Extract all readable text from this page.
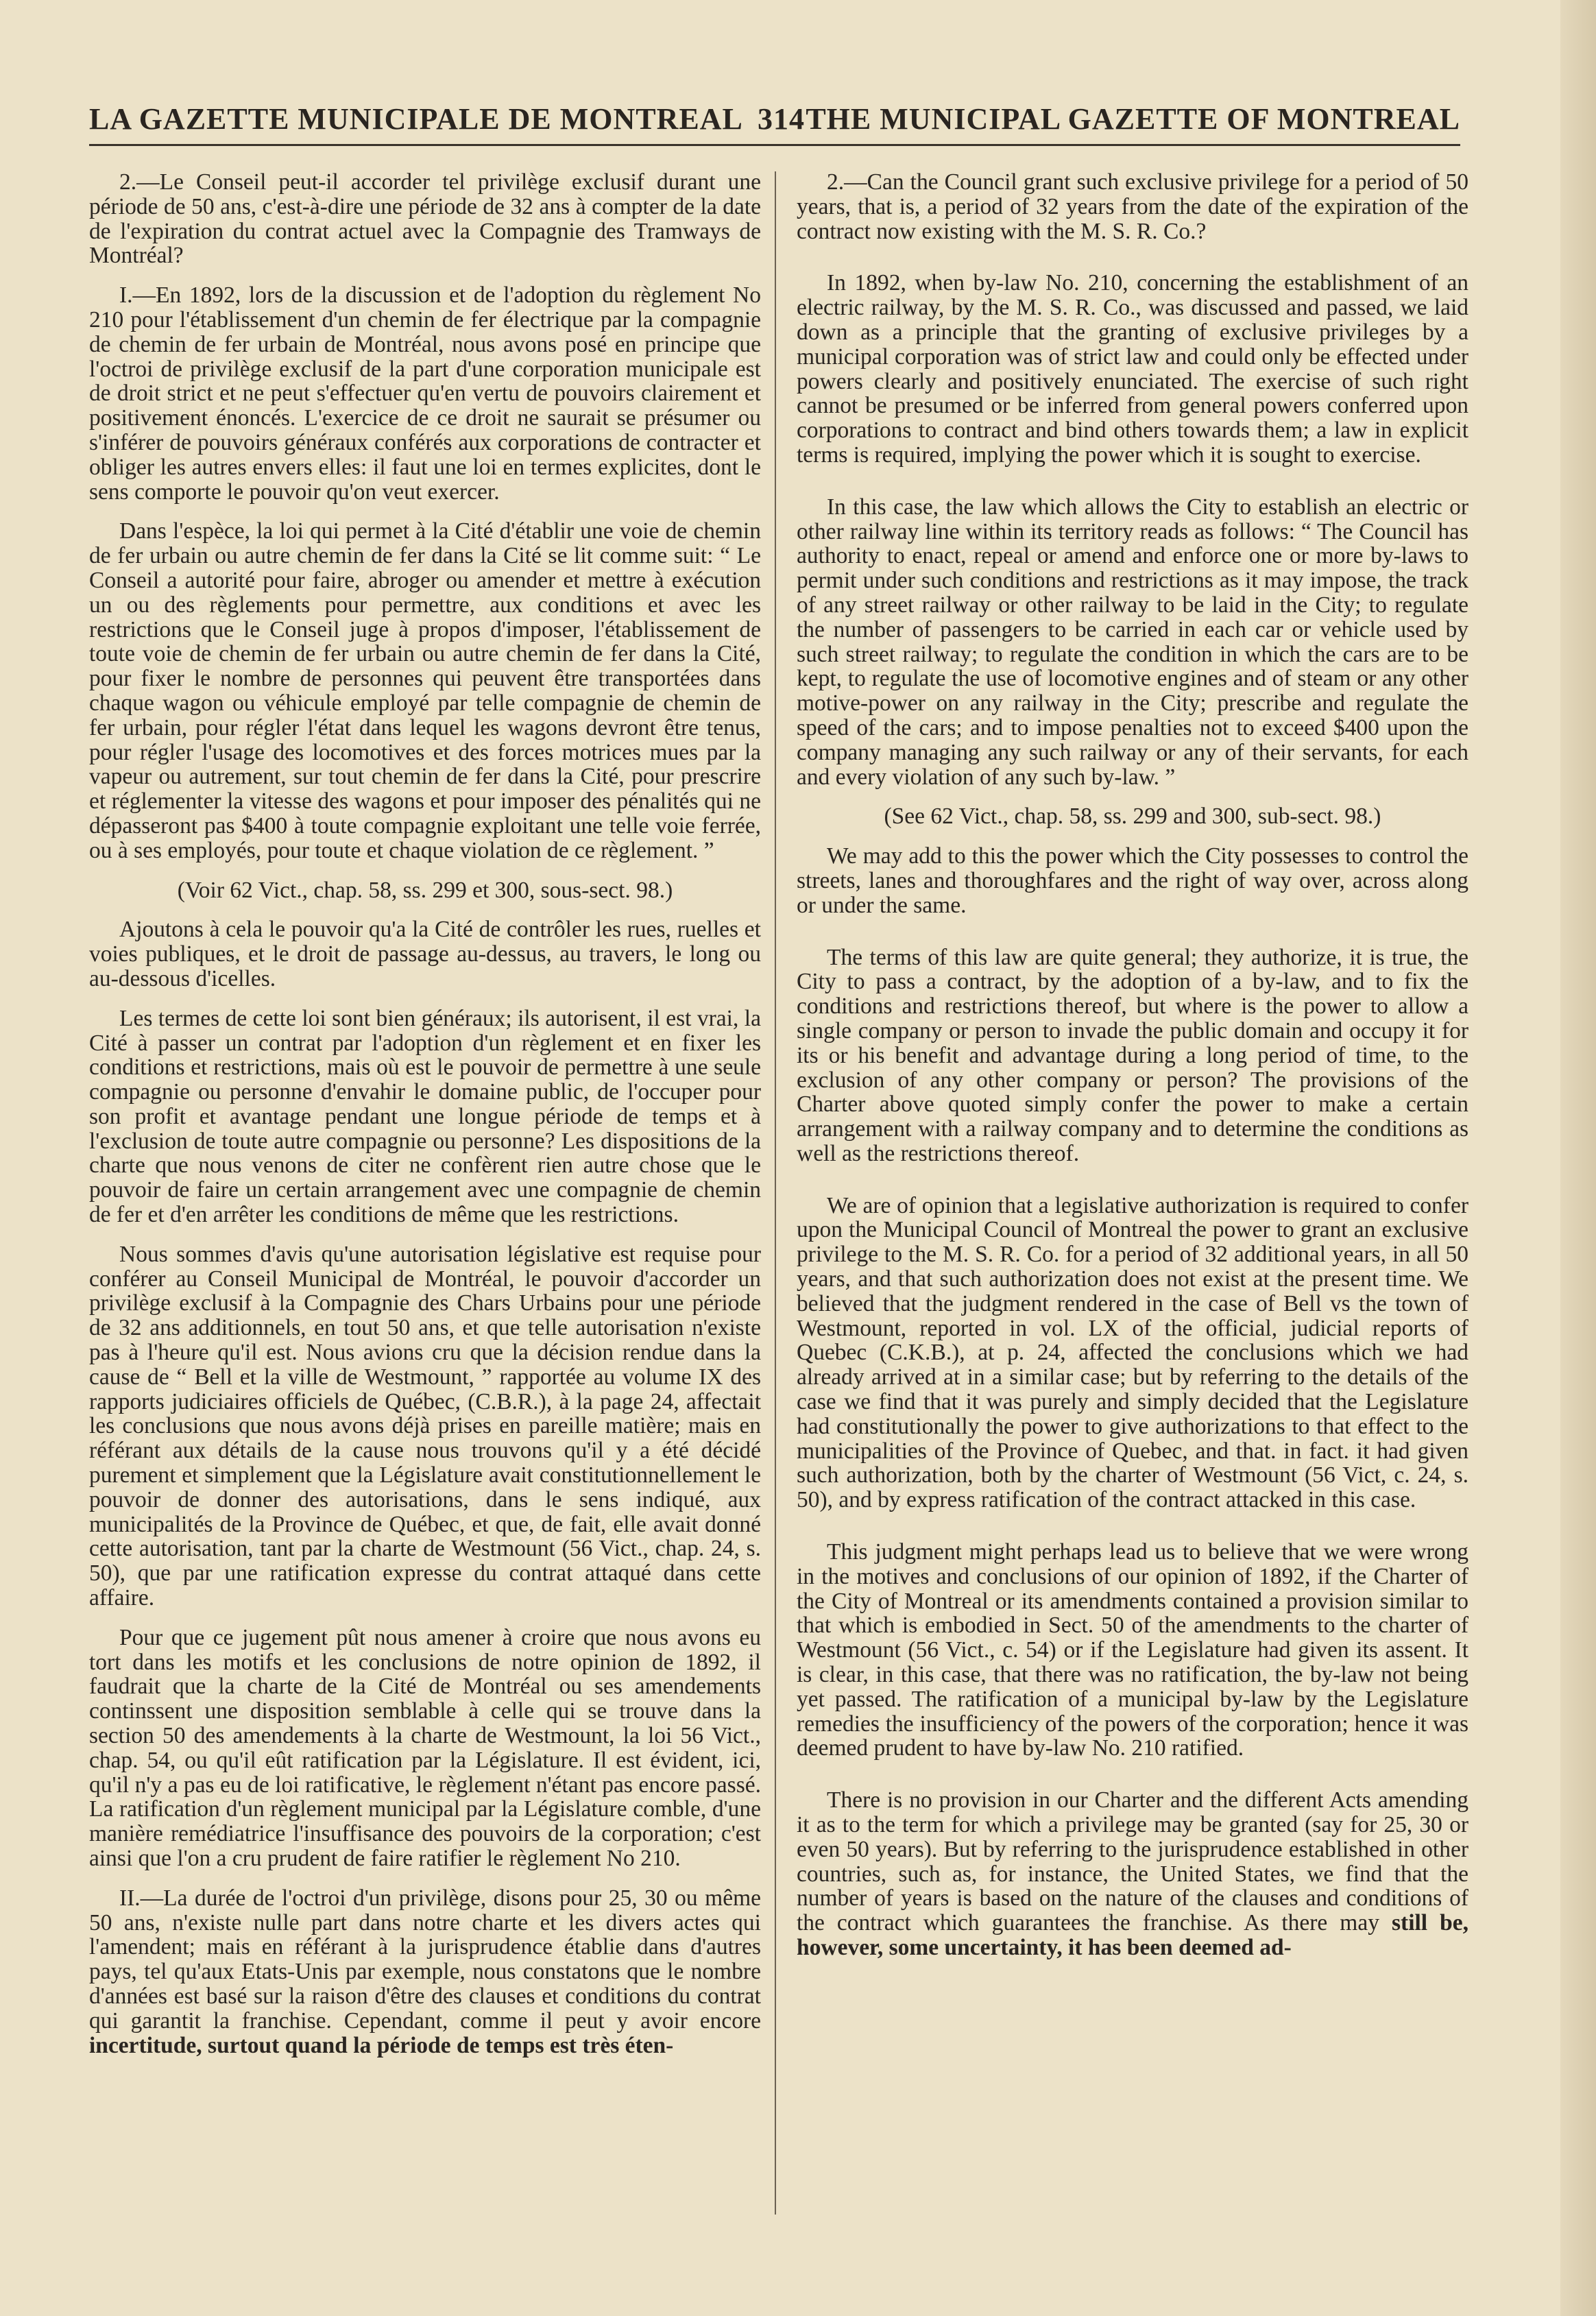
LA GAZETTE MUNICIPALE DE MONTREAL 314 THE MUNICIPAL GAZETTE OF MONTREAL

2.—Le Conseil peut-il accorder tel privilège exclusif durant une période de 50 ans, c'est-à-dire une période de 32 ans à compter de la date de l'expiration du contrat actuel avec la Compagnie des Tramways de Montréal?

I.—En 1892, lors de la discussion et de l'adoption du règlement No 210 pour l'établissement d'un chemin de fer électrique par la compagnie de chemin de fer urbain de Montréal, nous avons posé en principe que l'octroi de privilège exclusif de la part d'une corporation municipale est de droit strict et ne peut s'effectuer qu'en vertu de pouvoirs clairement et positivement énoncés. L'exercice de ce droit ne saurait se présumer ou s'inférer de pouvoirs généraux conférés aux corporations de contracter et obliger les autres envers elles: il faut une loi en termes explicites, dont le sens comporte le pouvoir qu'on veut exercer.

Dans l'espèce, la loi qui permet à la Cité d'établir une voie de chemin de fer urbain ou autre chemin de fer dans la Cité se lit comme suit: “ Le Conseil a autorité pour faire, abroger ou amender et mettre à exécution un ou des règlements pour permettre, aux conditions et avec les restrictions que le Conseil juge à propos d'imposer, l'établissement de toute voie de chemin de fer urbain ou autre chemin de fer dans la Cité, pour fixer le nombre de personnes qui peuvent être transportées dans chaque wagon ou véhicule employé par telle compagnie de chemin de fer urbain, pour régler l'état dans lequel les wagons devront être tenus, pour régler l'usage des locomotives et des forces motrices mues par la vapeur ou autrement, sur tout chemin de fer dans la Cité, pour prescrire et réglementer la vitesse des wagons et pour imposer des pénalités qui ne dépasseront pas $400 à toute compagnie exploitant une telle voie ferrée, ou à ses employés, pour toute et chaque violation de ce règlement. ”

(Voir 62 Vict., chap. 58, ss. 299 et 300, sous-sect. 98.)

Ajoutons à cela le pouvoir qu'a la Cité de contrôler les rues, ruelles et voies publiques, et le droit de passage au-dessus, au travers, le long ou au-dessous d'icelles.

Les termes de cette loi sont bien généraux; ils autorisent, il est vrai, la Cité à passer un contrat par l'adoption d'un règlement et en fixer les conditions et restrictions, mais où est le pouvoir de permettre à une seule compagnie ou personne d'envahir le domaine public, de l'occuper pour son profit et avantage pendant une longue période de temps et à l'exclusion de toute autre compagnie ou personne? Les dispositions de la charte que nous venons de citer ne confèrent rien autre chose que le pouvoir de faire un certain arrangement avec une compagnie de chemin de fer et d'en arrêter les conditions de même que les restrictions.

Nous sommes d'avis qu'une autorisation législative est requise pour conférer au Conseil Municipal de Montréal, le pouvoir d'accorder un privilège exclusif à la Compagnie des Chars Urbains pour une période de 32 ans additionnels, en tout 50 ans, et que telle autorisation n'existe pas à l'heure qu'il est. Nous avions cru que la décision rendue dans la cause de “ Bell et la ville de Westmount, ” rapportée au volume IX des rapports judiciaires officiels de Québec, (C.B.R.), à la page 24, affectait les conclusions que nous avons déjà prises en pareille matière; mais en référant aux détails de la cause nous trouvons qu'il y a été décidé purement et simplement que la Législature avait constitutionnellement le pouvoir de donner des autorisations, dans le sens indiqué, aux municipalités de la Province de Québec, et que, de fait, elle avait donné cette autorisation, tant par la charte de Westmount (56 Vict., chap. 24, s. 50), que par une ratification expresse du contrat attaqué dans cette affaire.

Pour que ce jugement pût nous amener à croire que nous avons eu tort dans les motifs et les conclusions de notre opinion de 1892, il faudrait que la charte de la Cité de Montréal ou ses amendements continssent une disposition semblable à celle qui se trouve dans la section 50 des amendements à la charte de Westmount, la loi 56 Vict., chap. 54, ou qu'il eût ratification par la Législature. Il est évident, ici, qu'il n'y a pas eu de loi ratificative, le règlement n'étant pas encore passé. La ratification d'un règlement municipal par la Législature comble, d'une manière remédiatrice l'insuffisance des pouvoirs de la corporation; c'est ainsi que l'on a cru prudent de faire ratifier le règlement No 210.

II.—La durée de l'octroi d'un privilège, disons pour 25, 30 ou même 50 ans, n'existe nulle part dans notre charte et les divers actes qui l'amendent; mais en référant à la jurisprudence établie dans d'autres pays, tel qu'aux Etats-Unis par exemple, nous constatons que le nombre d'années est basé sur la raison d'être des clauses et conditions du contrat qui garantit la franchise. Cependant, comme il peut y avoir encore incertitude, surtout quand la période de temps est très éten-

2.—Can the Council grant such exclusive privilege for a period of 50 years, that is, a period of 32 years from the date of the expiration of the contract now existing with the M. S. R. Co.?

In 1892, when by-law No. 210, concerning the establishment of an electric railway, by the M. S. R. Co., was discussed and passed, we laid down as a principle that the granting of exclusive privileges by a municipal corporation was of strict law and could only be effected under powers clearly and positively enunciated. The exercise of such right cannot be presumed or be inferred from general powers conferred upon corporations to contract and bind others towards them; a law in explicit terms is required, implying the power which it is sought to exercise.

In this case, the law which allows the City to establish an electric or other railway line within its territory reads as follows: “ The Council has authority to enact, repeal or amend and enforce one or more by-laws to permit under such conditions and restrictions as it may impose, the track of any street railway or other railway to be laid in the City; to regulate the number of passengers to be carried in each car or vehicle used by such street railway; to regulate the condition in which the cars are to be kept, to regulate the use of locomotive engines and of steam or any other motive-power on any railway in the City; prescribe and regulate the speed of the cars; and to impose penalties not to exceed $400 upon the company managing any such railway or any of their servants, for each and every violation of any such by-law. ”

(See 62 Vict., chap. 58, ss. 299 and 300, sub-sect. 98.)

We may add to this the power which the City possesses to control the streets, lanes and thoroughfares and the right of way over, across along or under the same.

The terms of this law are quite general; they authorize, it is true, the City to pass a contract, by the adoption of a by-law, and to fix the conditions and restrictions thereof, but where is the power to allow a single company or person to invade the public domain and occupy it for its or his benefit and advantage during a long period of time, to the exclusion of any other company or person? The provisions of the Charter above quoted simply confer the power to make a certain arrangement with a railway company and to determine the conditions as well as the restrictions thereof.

We are of opinion that a legislative authorization is required to confer upon the Municipal Council of Montreal the power to grant an exclusive privilege to the M. S. R. Co. for a period of 32 additional years, in all 50 years, and that such authorization does not exist at the present time. We believed that the judgment rendered in the case of Bell vs the town of Westmount, reported in vol. LX of the official, judicial reports of Quebec (C.K.B.), at p. 24, affected the conclusions which we had already arrived at in a similar case; but by referring to the details of the case we find that it was purely and simply decided that the Legislature had constitutionally the power to give authorizations to that effect to the municipalities of the Province of Quebec, and that. in fact. it had given such authorization, both by the charter of Westmount (56 Vict, c. 24, s. 50), and by express ratification of the contract attacked in this case.

This judgment might perhaps lead us to believe that we were wrong in the motives and conclusions of our opinion of 1892, if the Charter of the City of Montreal or its amendments contained a provision similar to that which is embodied in Sect. 50 of the amendments to the charter of Westmount (56 Vict., c. 54) or if the Legislature had given its assent. It is clear, in this case, that there was no ratification, the by-law not being yet passed. The ratification of a municipal by-law by the Legislature remedies the insufficiency of the powers of the corporation; hence it was deemed prudent to have by-law No. 210 ratified.

There is no provision in our Charter and the different Acts amending it as to the term for which a privilege may be granted (say for 25, 30 or even 50 years). But by referring to the jurisprudence established in other countries, such as, for instance, the United States, we find that the number of years is based on the nature of the clauses and conditions of the contract which guarantees the franchise. As there may still be, however, some uncertainty, it has been deemed ad-
